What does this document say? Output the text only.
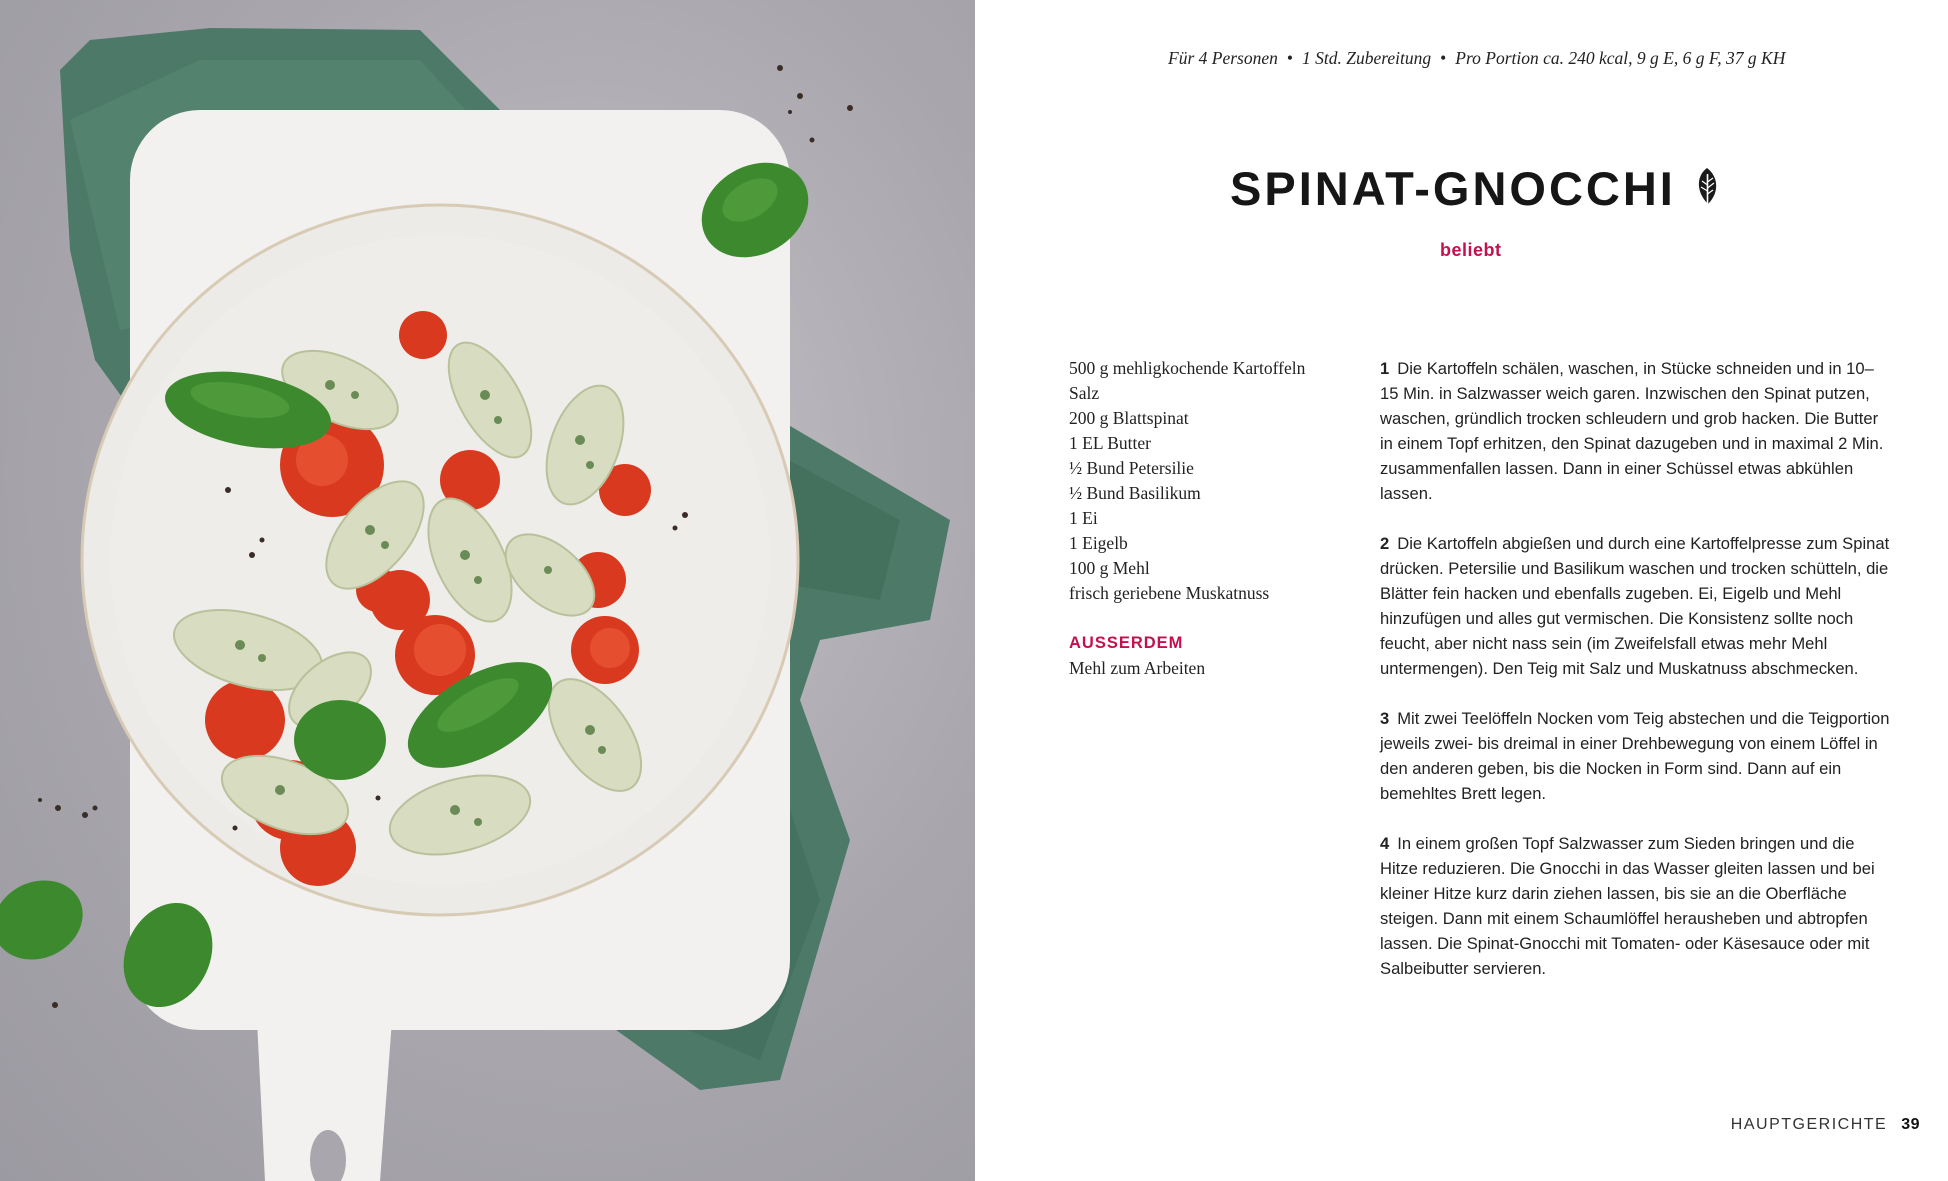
Für 4 Personen • 1 Std. Zubereitung • Pro Portion ca. 240 kcal, 9 g E, 6 g F, 37 g KH
SPINAT-GNOCCHI
beliebt
500 g mehligkochende Kartoffeln
Salz
200 g Blattspinat
1 EL Butter
½ Bund Petersilie
½ Bund Basilikum
1 Ei
1 Eigelb
100 g Mehl
frisch geriebene Muskatnuss
AUSSERDEM
Mehl zum Arbeiten

1 Die Kartoffeln schälen, waschen, in Stücke schneiden und in 10–15 Min. in Salzwasser weich garen. Inzwischen den Spinat putzen, waschen, gründlich trocken schleudern und grob hacken. Die Butter in einem Topf erhitzen, den Spinat dazugeben und in maximal 2 Min. zusammenfallen lassen. Dann in einer Schüssel etwas abkühlen lassen.

2 Die Kartoffeln abgießen und durch eine Kartoffelpresse zum Spinat drücken. Petersilie und Basilikum waschen und trocken schütteln, die Blätter fein hacken und ebenfalls zugeben. Ei, Eigelb und Mehl hinzufügen und alles gut vermischen. Die Konsistenz sollte noch feucht, aber nicht nass sein (im Zweifelsfall etwas mehr Mehl untermengen). Den Teig mit Salz und Muskatnuss abschmecken.

3 Mit zwei Teelöffeln Nocken vom Teig abstechen und die Teigportion jeweils zwei- bis dreimal in einer Drehbewegung von einem Löffel in den anderen geben, bis die Nocken in Form sind. Dann auf ein bemehltes Brett legen.

4 In einem großen Topf Salzwasser zum Sieden bringen und die Hitze reduzieren. Die Gnocchi in das Wasser gleiten lassen und bei kleiner Hitze kurz darin ziehen lassen, bis sie an die Oberfläche steigen. Dann mit einem Schaumlöffel herausheben und abtropfen lassen. Die Spinat-Gnocchi mit Tomaten- oder Käsesauce oder mit Salbeibutter servieren.

HAUPTGERICHTE 39
